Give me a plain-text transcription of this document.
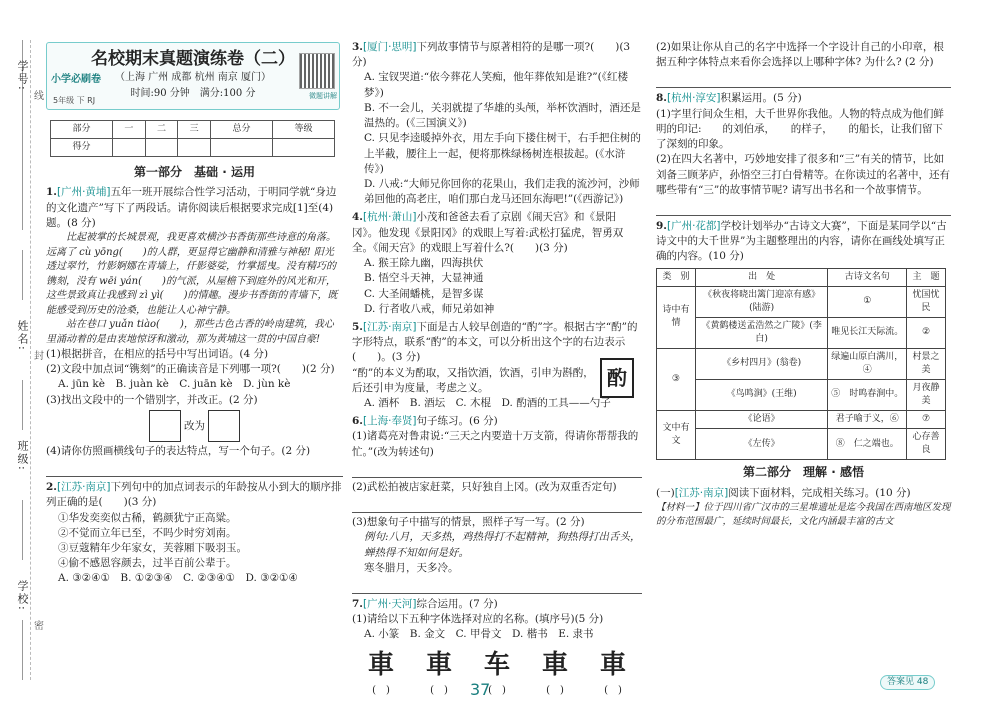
学号:
姓名:
班级:
学校:
线
封
密
小学必刷卷
5年级 下 RJ
名校期末真题演练卷（二）
（上海 广州 成都 杭州 南京 厦门）
时间:90 分钟　满分:100 分	微题讲解
部分	一	二	三	总分	等级
得分					
第一部分　基础 · 运用

1.[广州·黄埔]五年一班开展综合性学习活动，于明同学就“身边的文化遗产”写下了两段话。请你阅读后根据要求完成[1]至(4)题。(8 分)

比起被掌的长城景观，我更喜欢横沙书香街那些诗意的角落。远离了 cù yōng(　　)的人群，更显得它幽静和清雅与神秘! 阳光透过翠竹，竹影婀娜在青墙上，仟影婆娑，竹掌摇曳。没有精巧的镌刻，没有 wēi yán(　　)的气派，从屋檐下到庭外的风光和开，这些景致真让我感到 zì yì(　　)的情趣。漫步书香街的青墙下，既能感受到历史的沧桑，也能让人心神宁静。

站在巷口 yuǎn tiào(　　)，那些古色古香的岭南建筑，我心里涌动着的是由衷地惊讶和激动，那为黄埔这一贯的中国自豪!

(1)根据拼音，在相应的括号中写出词语。(4 分)

(2)文段中加点词“镌刻”的正确读音是下列哪一项?(　　)(2 分)

A. jūn kè　B. juàn kè　C. juān kè　D. jùn kè

(3)找出文段中的一个错别字，并改正。(2 分)

改为

(4)请你仿照画横线句子的表达特点，写一个句子。(2 分)

2.[江苏·南京]下列句中的加点词表示的年龄按从小到大的顺序排列正确的是(　　)(3 分)

①华发奕奕似古稀，鹤颜犹宁正高粱。

②不觉而立年已至，不吗少时穷刘南。

③豆蔻精年少年家女，芙蓉厢下吸羽玉。

④偷不感恩容颜去，过半百前公辈于。

A. ③②④①　B. ①②③④　C. ②③④①　D. ③②①④

3.[厦门·思明]下列故事情节与原著相符的是哪一项?(　　)(3 分)

A. 宝钗哭道:“依今葬花人笑痴，他年葬侬知是谁?”(《红楼梦》)

B. 不一会儿，关羽就提了华雄的头颅，举杯饮酒时，酒还是温热的。(《三国演义》)

C. 只见李逵暖掉外衣，用左手向下搂住树干，右手把住树的上半截，腰往上一起，便将那株绿杨树连根拔起。(《水浒传》)

D. 八戒:“大师兄你回你的花果山，我们走我的流沙河，沙师弟回他的高老庄，咱们那白龙马还回东海吧!”(《西游记》)

4.[杭州·萧山]小茂和爸爸去看了京剧《闹天宫》和《景阳冈》。他发现《景阳冈》的戏眼上写着:武松打猛虎，智勇双全。《闹天宫》的戏眼上写着什么?(　　)(3 分)

A. 猴王除九幽，四海拱伏

B. 悟空斗天神，大显神通

C. 大圣闹蟠桃，是智多谋

D. 行者收八戒，师兄弟如神

5.[江苏·南京]下面是古人较早创造的“酌”字。根据古字“酌”的字形特点，联系“酌”的本文，可以分析出这个字的右边表示(　　)。(3 分)

“酌”的本义为酌取，又指饮酒，饮酒，引申为斟酌，后还引申为度量，考虑之义。

A. 酒杯　B. 酒坛　C. 木棍　D. 酌酒的工具——勺子

6.[上海·奉贤]句子练习。(6 分)

(1)诸葛亮对鲁肃说:“三天之内要造十万支箭，得请你帮帮我的忙。”(改为转述句)

(2)武松拍被店家赶菜，只好独自上冈。(改为双重否定句)

(3)想象句子中描写的情景，照样子写一写。(2 分)

例句:八月，天多热，鸡热得打不起精神，狗热得打出舌头，

蝉热得不知如何是好。

寒冬腊月，天多冷。

7.[广州·天河]综合运用。(7 分)

(1)请给以下五种字体选择对应的名称。(填序号)(5 分)

A. 小篆　B. 金文　C. 甲骨文　D. 楷书　E. 隶书

車	車	车	車	車
(　)	(　)	(　)	(　)	(　)
酌

(2)如果让你从自己的名字中选择一个字设计自己的小印章，根据五种字体特点来看你会选择以上哪种字体? 为什么? (2 分)

8.[杭州·淳安]积累运用。(5 分)

(1)字里行间众生相，大千世界你我他。人物的特点成为他们鲜明的印记:　　的刘伯承，　　的样子，　　的船长，让我们留下了深刻的印象。

(2)在四大名著中，巧妙地安排了很多和“三”有关的情节，比如刘备三顾茅庐，孙悟空三打白骨精等。在你读过的名著中，还有哪些带有“三”的故事情节呢? 请写出书名和一个故事情节。

9.[广州·花都]学校计划举办“古诗文大赛”，下面是某同学以“古诗文中的大千世界”为主题整理出的内容，请你在画线处填写正确的内容。(10 分)

类　别	出　处	古诗文名句	主　题
诗中有情	《秋夜将晓出篱门迎凉有感》(陆游)	①	忧国忧民
	《黄鹤楼送孟浩然之广陵》(李白)	唯见长江天际流。	②
③	《乡村四月》(翁卷)	绿遍山原白满川，④	村景之美
	《鸟鸣涧》(王维)	⑤　时鸣春涧中。	月夜静美
文中有文	《论语》	君子喻于义，⑥	⑦
	《左传》	⑧　仁之端也。	心存善良
第二部分　理解 · 感悟

(一)[江苏·南京]阅读下面材料，完成相关练习。(10 分)

【材料一】位于四川省广汉市的三星堆遗址是迄今我国在西南地区发现的分布范围最广，延续时间最长，文化内涵最丰富的古文

37	答案见 48
